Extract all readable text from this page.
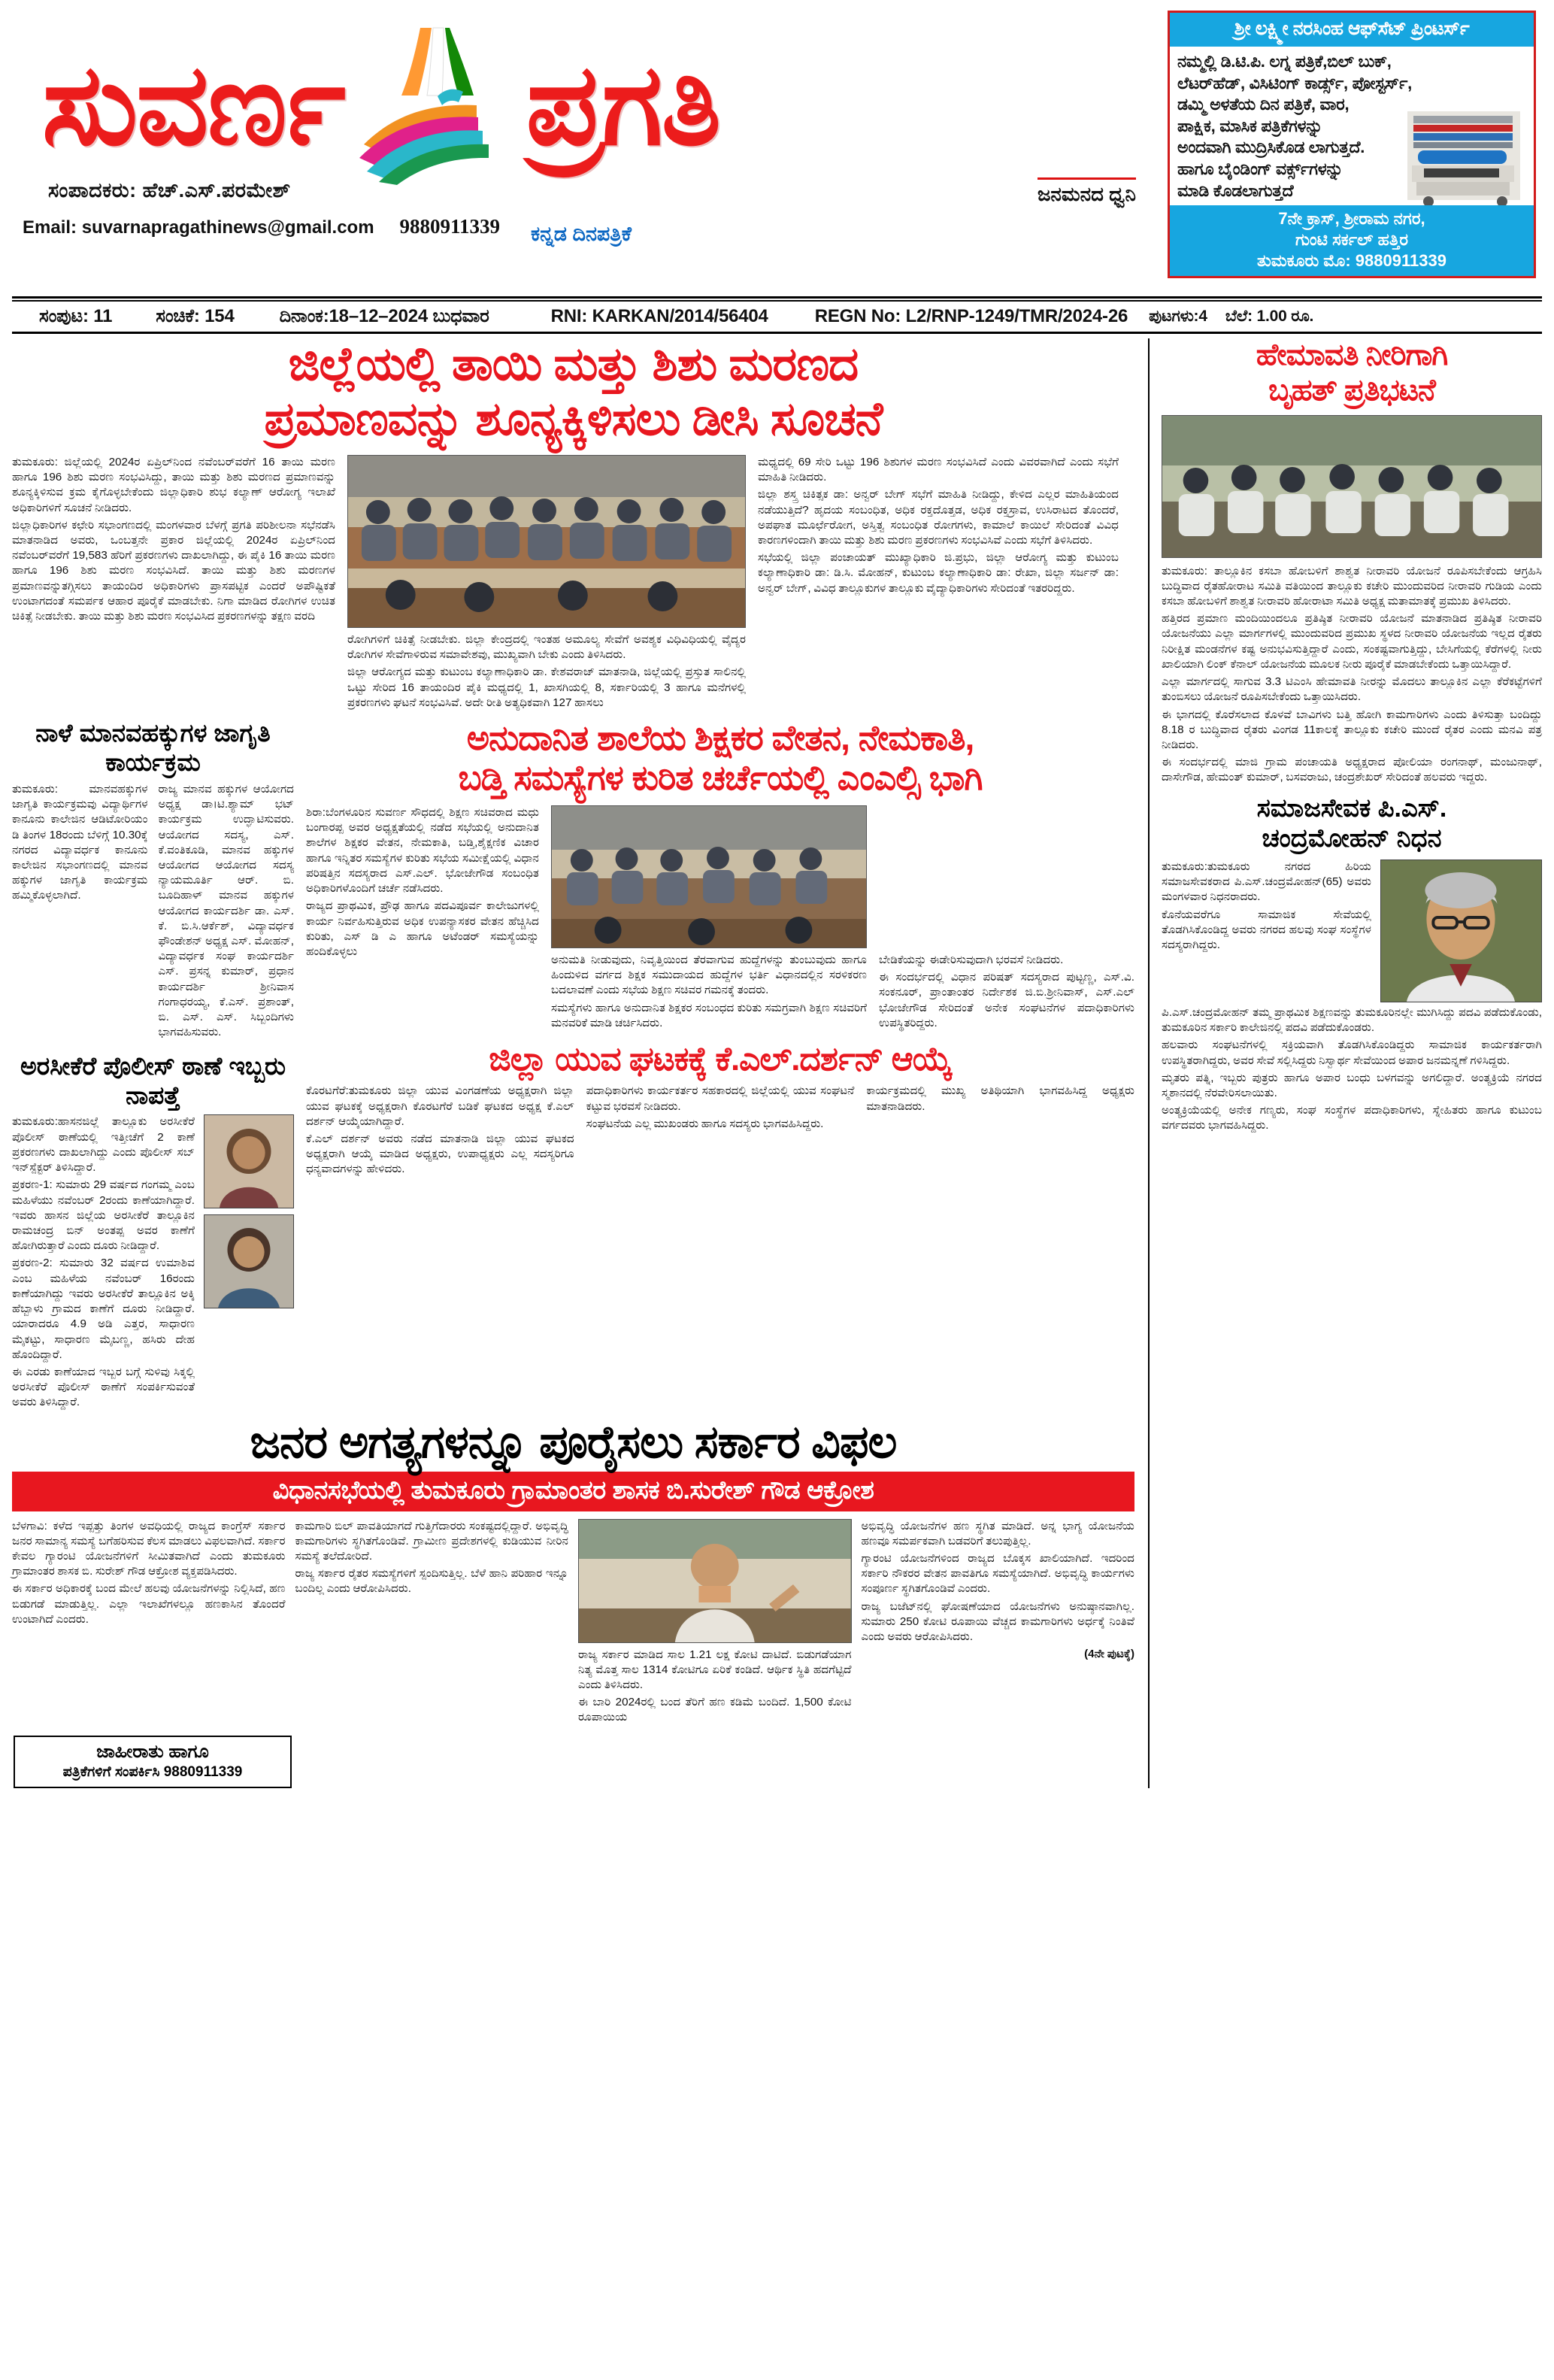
ಸುವರ್ಣ ಪ್ರಗತಿ
ಸಂಪಾದಕರು: ಹೆಚ್.ಎಸ್.ಪರಮೇಶ್
Email: suvarnapragathinews@gmail.com 9880911339 ಕನ್ನಡ ದಿನಪತ್ರಿಕೆ
ಜನಮನದ ಧ್ವನಿ
ಶ್ರೀ ಲಕ್ಷ್ಮೀ ನರಸಿಂಹ ಆಫ್‌ಸೆಟ್ ಪ್ರಿಂಟರ್ಸ್
ನಮ್ಮಲ್ಲಿ ಡಿ.ಟಿ.ಪಿ. ಲಗ್ನ ಪತ್ರಿಕೆ,ಬಿಲ್ ಬುಕ್,
ಲೆಟರ್‌ಹೆಡ್, ವಿಸಿಟಿಂಗ್ ಕಾರ್ಡ್ಸ್, ಪೋಸ್ಟರ್ಸ್,
ಡಮ್ಮಿ ಅಳತೆಯ ದಿನ ಪತ್ರಿಕೆ, ವಾರ,
ಪಾಕ್ಷಿಕ, ಮಾಸಿಕ ಪತ್ರಿಕೆಗಳನ್ನು
ಅಂದವಾಗಿ ಮುದ್ರಿಸಿಕೊಡ ಲಾಗುತ್ತದೆ.
ಹಾಗೂ ಬೈಂಡಿಂಗ್ ವರ್ಕ್ಸ್‌ಗಳನ್ನು
ಮಾಡಿ ಕೊಡಲಾಗುತ್ತದೆ
7ನೇ ಕ್ರಾಸ್, ಶ್ರೀರಾಮ ನಗರ,
ಗುಂಟಿ ಸರ್ಕಲ್ ಹತ್ತಿರ
ತುಮಕೂರು ಮೊ: 9880911339
ಸಂಪುಟ: 11 ಸಂಚಿಕೆ: 154	ದಿನಾಂಕ:18–12–2024 ಬುಧವಾರ	RNI: KARKAN/2014/56404	REGN No: L2/RNP-1249/TMR/2024-26 ಪುಟಗಳು:4 ಬೆಲೆ: 1.00 ರೂ.
ಜಿಲ್ಲೆಯಲ್ಲಿ ತಾಯಿ ಮತ್ತು ಶಿಶು ಮರಣದ
ಪ್ರಮಾಣವನ್ನು ಶೂನ್ಯಕ್ಕಿಳಿಸಲು ಡೀಸಿ ಸೂಚನೆ

ತುಮಕೂರು: ಜಿಲ್ಲೆಯಲ್ಲಿ 2024ರ ಏಪ್ರಿಲ್‌ನಿಂದ ನವೆಂಬರ್‌ವರೆಗೆ 16 ತಾಯಿ ಮರಣ ಹಾಗೂ 196 ಶಿಶು ಮರಣ ಸಂಭವಿಸಿದ್ದು, ತಾಯಿ ಮತ್ತು ಶಿಶು ಮರಣದ ಪ್ರಮಾಣವನ್ನು ಶೂನ್ಯಕ್ಕಿಳಿಸುವ ಕ್ರಮ ಕೈಗೊಳ್ಳಬೇಕೆಂದು ಜಿಲ್ಲಾಧಿಕಾರಿ ಶುಭ ಕಲ್ಯಾಣ್ ಆರೋಗ್ಯ ಇಲಾಖೆ ಅಧಿಕಾರಿಗಳಿಗೆ ಸೂಚನೆ ನೀಡಿದರು.

ಜಿಲ್ಲಾಧಿಕಾರಿಗಳ ಕಛೇರಿ ಸಭಾಂಗಣದಲ್ಲಿ ಮಂಗಳವಾರ ಬೆಳಗ್ಗೆ ಪ್ರಗತಿ ಪರಿಶೀಲನಾ ಸಭೆನಡೆಸಿ ಮಾತನಾಡಿದ ಅವರು, ಒಂಬತ್ತನೇ ಪ್ರಕಾರ ಜಿಲ್ಲೆಯಲ್ಲಿ 2024ರ ಏಪ್ರಿಲ್‌ನಿಂದ ನವೆಂಬರ್‌ವರೆಗೆ 19,583 ಹೆರಿಗೆ ಪ್ರಕರಣಗಳು ದಾಖಲಾಗಿದ್ದು, ಈ ಪೈಕಿ 16 ತಾಯಿ ಮರಣ ಹಾಗೂ 196 ಶಿಶು ಮರಣ ಸಂಭವಿಸಿದೆ. ತಾಯಿ ಮತ್ತು ಶಿಶು ಮರಣಗಳ ಪ್ರಮಾಣವನ್ನುತಗ್ಗಿಸಲು ತಾಯಂದಿರ ಅಧಿಕಾರಿಗಳು ಪ್ರಾಸಪಟ್ಟಿಕ ಎಂದರೆ ಅಪೌಷ್ಟಿಕತೆ ಉಂಟಾಗದಂತೆ ಸಮರ್ಪಕ ಆಹಾರ ಪೂರೈಕೆ ಮಾಡಬೇಕು. ನಿಗಾ ಮಾಡಿದ ರೋಗಿಗಳ ಉಚಿತ ಚಿಕಿತ್ಸೆ ನೀಡಬೇಕು. ತಾಯಿ ಮತ್ತು ಶಿಶು ಮರಣ ಸಂಭವಿಸಿದ ಪ್ರಕರಣಗಳನ್ನು ತಕ್ಷಣ ವರದಿ

ರೋಗಿಗಳಿಗೆ ಚಿಕಿತ್ಸೆ ನೀಡಬೇಕು. ಜಿಲ್ಲಾ ಕೇಂದ್ರದಲ್ಲಿ ಇಂತಹ ಅಮೂಲ್ಯ ಸೇವೆಗೆ ಅವಶ್ಯಕ ವಿಧಿವಿಧಿಯಲ್ಲಿ ವೈದ್ಯರ ರೋಗಿಗಳ ಸೇವೆಗಾಳಿರುವ ಸಮಾವೇಶವು, ಮುಖ್ಯವಾಗಿ ಬೇಕು ಎಂದು ತಿಳಿಸಿದರು.

ಜಿಲ್ಲಾ ಆರೋಗ್ಯದ ಮತ್ತು ಕುಟುಂಬ ಕಲ್ಯಾಣಾಧಿಕಾರಿ ಡಾ. ಕೇಶವರಾಜ್ ಮಾತನಾಡಿ, ಜಿಲ್ಲೆಯಲ್ಲಿ ಪ್ರಸ್ತುತ ಸಾಲಿನಲ್ಲಿ ಒಟ್ಟು ಸೇರಿದ 16 ತಾಯಂದಿರ ಪೈಕಿ ಮಧ್ಯದಲ್ಲಿ 1, ಖಾಸಗಿಯಲ್ಲಿ 8, ಸರ್ಕಾರಿಯಲ್ಲಿ 3 ಹಾಗೂ ಮನೆಗಳಲ್ಲಿ ಪ್ರಕರಣಗಳು ಘಟನೆ ಸಂಭವಿಸಿವೆ. ಅದೇ ರೀತಿ ಅತ್ಯಧಿಕವಾಗಿ 127 ಹಾಸಲು

ಮಧ್ಯದಲ್ಲಿ 69 ಸೇರಿ ಒಟ್ಟು 196 ಶಿಶುಗಳ ಮರಣ ಸಂಭವಿಸಿದೆ ಎಂದು ವಿವರವಾಗಿದೆ ಎಂದು ಸಭೆಗೆ ಮಾಹಿತಿ ನೀಡಿದರು.

ಜಿಲ್ಲಾ ಶಸ್ತ್ರ ಚಿಕಿತ್ಸಕ ಡಾ: ಅನ್ವರ್ ಬೇಗ್ ಸಭೆಗೆ ಮಾಹಿತಿ ನೀಡಿದ್ದು, ಕೇಳಿದ ಎಲ್ಲರ ಮಾಹಿತಿಯಂದ ನಡೆಯುತ್ತಿದೆ? ಹೃದಯ ಸಂಬಂಧಿತ, ಅಧಿಕ ರಕ್ತದೊತ್ತಡ, ಅಧಿಕ ರಕ್ತಸ್ರಾವ, ಉಸಿರಾಟದ ತೊಂದರೆ, ಅಪಘಾತ ಮೂರ್ಛೆರೋಗ, ಅಸ್ತಿತ್ವ ಸಂಬಂಧಿತ ರೋಗಗಳು, ಕಾಮಾಲೆ ಕಾಯಿಲೆ ಸೇರಿದಂತೆ ವಿವಿಧ ಕಾರಣಗಳಿಂದಾಗಿ ತಾಯಿ ಮತ್ತು ಶಿಶು ಮರಣ ಪ್ರಕರಣಗಳು ಸಂಭವಿಸಿವೆ ಎಂದು ಸಭೆಗೆ ತಿಳಿಸಿದರು.

ಸಭೆಯಲ್ಲಿ ಜಿಲ್ಲಾ ಪಂಚಾಯತ್ ಮುಖ್ಯಾಧಿಕಾರಿ ಜಿ.ಪ್ರಭು, ಜಿಲ್ಲಾ ಆರೋಗ್ಯ ಮತ್ತು ಕುಟುಂಬ ಕಲ್ಯಾಣಾಧಿಕಾರಿ ಡಾ: ಡಿ.ಸಿ. ಮೋಹನ್, ಕುಟುಂಬ ಕಲ್ಯಾಣಾಧಿಕಾರಿ ಡಾ: ರೇಖಾ, ಜಿಲ್ಲಾ ಸರ್ಜನ್ ಡಾ: ಅನ್ವರ್ ಬೇಗ್, ವಿವಿಧ ತಾಲ್ಲೂಕುಗಳ ತಾಲ್ಲೂಕು ವೈದ್ಯಾಧಿಕಾರಿಗಳು ಸೇರಿದಂತೆ ಇತರರಿದ್ದರು.

ನಾಳೆ ಮಾನವಹಕ್ಕುಗಳ ಜಾಗೃತಿ ಕಾರ್ಯಕ್ರಮ

ತುಮಕೂರು: ಮಾನವಹಕ್ಕುಗಳ ಜಾಗೃತಿ ಕಾರ್ಯಕ್ರಮವು ವಿದ್ಯಾರ್ಥಿಗಳ ಕಾನೂನು ಕಾಲೇಜಿನ ಆಡಿಟೋರಿಯಂ ಡಿ ತಿಂಗಳ 18ರಂದು ಬೆಳಿಗ್ಗೆ 10.30ಕ್ಕೆ ನಗರದ ವಿದ್ಯಾವರ್ಧಕ ಕಾನೂನು ಕಾಲೇಜಿನ ಸಭಾಂಗಣದಲ್ಲಿ ಮಾನವ ಹಕ್ಕುಗಳ ಜಾಗೃತಿ ಕಾರ್ಯಕ್ರಮ ಹಮ್ಮಿಕೊಳ್ಳಲಾಗಿದೆ.

ರಾಜ್ಯ ಮಾನವ ಹಕ್ಕುಗಳ ಆಯೋಗದ ಅಧ್ಯಕ್ಷ ಡಾ।ಟಿ.ಶ್ಯಾಮ್ ಭಟ್ ಕಾರ್ಯಕ್ರಮ ಉದ್ಘಾಟಿಸುವರು. ಆಯೋಗದ ಸದಸ್ಯ, ಎಸ್. ಕೆ.ವಂತಿಕೂಡಿ, ಮಾನವ ಹಕ್ಕುಗಳ ಆಯೋಗದ ಆಯೋಗದ ಸದಸ್ಯ ನ್ಯಾಯಮೂರ್ತಿ ಆರ್. ಬಿ. ಬೂದಿಹಾಳ್ ಮಾನವ ಹಕ್ಕುಗಳ ಆಯೋಗದ ಕಾರ್ಯದರ್ಶಿ ಡಾ. ಎಸ್. ಕೆ. ಬಿ.ಸಿ.ಆರ್ಕೆಶ್, ವಿದ್ಯಾವರ್ಧಕ ಫೌಂಡೇಶನ್ ಅಧ್ಯಕ್ಷ ಎಸ್. ಮೋಹನ್, ವಿದ್ಯಾವರ್ಧಕ ಸಂಘ ಕಾರ್ಯದರ್ಶಿ ಎಸ್. ಪ್ರಸನ್ನ ಕುಮಾರ್, ಪ್ರಧಾನ ಕಾರ್ಯದರ್ಶಿ ಶ್ರೀನಿವಾಸ ಗಂಗಾಧರಯ್ಯ, ಕೆ.ಎಸ್. ಪ್ರಶಾಂತ್, ಬಿ. ಎಸ್. ಎಸ್. ಸಿಬ್ಬಂದಿಗಳು ಭಾಗವಹಿಸುವರು.

ಅರಸೀಕೆರೆ ಪೊಲೀಸ್ ಠಾಣೆ ಇಬ್ಬರು ನಾಪತ್ತೆ

ತುಮಕೂರು:ಹಾಸನಜಿಲ್ಲೆ ತಾಲ್ಲೂಕು ಅರಸೀಕೆರೆ ಪೊಲೀಸ್ ಠಾಣೆಯಲ್ಲಿ ಇತ್ತೀಚೆಗೆ 2 ಕಾಣೆ ಪ್ರಕರಣಗಳು ದಾಖಲಾಗಿದ್ದು ಎಂದು ಪೊಲೀಸ್ ಸಬ್ ಇನ್‌ಸ್ಪೆಕ್ಟರ್ ತಿಳಿಸಿದ್ದಾರೆ.

ಪ್ರಕರಣ-1: ಸುಮಾರು 29 ವರ್ಷದ ಗಂಗಮ್ಮ ಎಂಬ ಮಹಿಳೆಯು ನವೆಂಬರ್ 2ರಂದು ಕಾಣೆಯಾಗಿದ್ದಾರೆ. ಇವರು ಹಾಸನ ಜಿಲ್ಲೆಯ ಅರಸೀಕೆರೆ ತಾಲ್ಲೂಕಿನ ರಾಮಚಂದ್ರ ಬಿನ್ ಅಂತಪ್ಪ ಅವರ ಕಾಣೆಗೆ ಹೋಗಿರುತ್ತಾರೆ ಎಂದು ದೂರು ನೀಡಿದ್ದಾರೆ.

ಪ್ರಕರಣ-2: ಸುಮಾರು 32 ವರ್ಷದ ಉಮಾಶಿವ ಎಂಬ ಮಹಿಳೆಯ ನವೆಂಬರ್ 16ರಂದು ಕಾಣೆಯಾಗಿದ್ದು ಇವರು ಅರಸೀಕೆರೆ ತಾಲ್ಲೂಕಿನ ಅಕ್ಕಿ ಹೆಬ್ಬಾಳು ಗ್ರಾಮದ ಕಾಣೆಗೆ ದೂರು ನೀಡಿದ್ದಾರೆ. ಯಾರಾದರೂ 4.9 ಅಡಿ ಎತ್ತರ, ಸಾಧಾರಣ ಮೈಕಟ್ಟು, ಸಾಧಾರಣ ಮೈಬಣ್ಣ, ಹಸಿರು ದೇಹ ಹೊಂದಿದ್ದಾರೆ.

ಈ ಎರಡು ಕಾಣೆಯಾದ ಇಬ್ಬರ ಬಗ್ಗೆ ಸುಳಿವು ಸಿಕ್ಕಲ್ಲಿ ಅರಸೀಕೆರೆ ಪೊಲೀಸ್ ಠಾಣೆಗೆ ಸಂಪರ್ಕಿಸುವಂತೆ ಅವರು ತಿಳಿಸಿದ್ದಾರೆ.

ಅನುದಾನಿತ ಶಾಲೆಯ ಶಿಕ್ಷಕರ ವೇತನ, ನೇಮಕಾತಿ,
ಬಡ್ತಿ ಸಮಸ್ಯೆಗಳ ಕುರಿತ ಚರ್ಚೆಯಲ್ಲಿ ಎಂಎಲ್ಸಿ ಭಾಗಿ

ಶಿರಾ:ಬೆಂಗಳೂರಿನ ಸುವರ್ಣ ಸೌಧದಲ್ಲಿ ಶಿಕ್ಷಣ ಸಚಿವರಾದ ಮಧು ಬಂಗಾರಪ್ಪ ಅವರ ಅಧ್ಯಕ್ಷತೆಯಲ್ಲಿ ನಡೆದ ಸಭೆಯಲ್ಲಿ ಅನುದಾನಿತ ಶಾಲೆಗಳ ಶಿಕ್ಷಕರ ವೇತನ, ನೇಮಕಾತಿ, ಬಡ್ತಿ,ಶೈಕ್ಷಣಿಕ ವಿಚಾರ ಹಾಗೂ ಇನ್ನಿತರ ಸಮಸ್ಯೆಗಳ ಕುರಿತು ಸಭೆಯ ಸಮೀಕ್ಷೆಯಲ್ಲಿ ವಿಧಾನ ಪರಿಷತ್ತಿನ ಸದಸ್ಯರಾದ ಎಸ್.ಎಲ್. ಭೋಜೇಗೌಡ ಸಂಬಂಧಿತ ಅಧಿಕಾರಿಗಳೊಂದಿಗೆ ಚರ್ಚೆ ನಡೆಸಿದರು.

ರಾಜ್ಯದ ಪ್ರಾಥಮಿಕ, ಪ್ರೌಢ ಹಾಗೂ ಪದವಿಪೂರ್ವ ಕಾಲೇಜುಗಳಲ್ಲಿ ಕಾರ್ಯ ನಿರ್ವಹಿಸುತ್ತಿರುವ ಅಧಿಕ ಉಪನ್ಯಾಸಕರ ವೇತನ ಹೆಚ್ಚಿಸಿದ ಕುರಿತು, ಎಸ್ ಡಿ ಎ ಹಾಗೂ ಅಟೆಂಡರ್ ಸಮಸ್ಯೆಯನ್ನು ಹಂದಿಕೊಳ್ಳಲು

ಅನುಮತಿ ನೀಡುವುದು, ನಿವೃತ್ತಿಯಿಂದ ತೆರವಾಗುವ ಹುದ್ದೆಗಳನ್ನು ತುಂಬುವುದು ಹಾಗೂ ಹಿಂದುಳಿದ ವರ್ಗದ ಶಿಕ್ಷಕ ಸಮುದಾಯದ ಹುದ್ದೆಗಳ ಭರ್ತಿ ವಿಧಾನದಲ್ಲಿನ ಸರಳಿಕರಣ ಬದಲಾವಣೆ ಎಂದು ಸಭೆಯ ಶಿಕ್ಷಣ ಸಚಿವರ ಗಮನಕ್ಕೆ ತಂದರು.

ಸಮಸ್ಯೆಗಳು ಹಾಗೂ ಅನುದಾನಿತ ಶಿಕ್ಷಕರ ಸಂಬಂಧದ ಕುರಿತು ಸಮಗ್ರವಾಗಿ ಶಿಕ್ಷಣ ಸಚಿವರಿಗೆ ಮನವರಿಕೆ ಮಾಡಿ ಚರ್ಚಿಸಿದರು.

ಬೇಡಿಕೆಯನ್ನು ಈಡೇರಿಸುವುದಾಗಿ ಭರವಸೆ ನೀಡಿದರು.

ಈ ಸಂದರ್ಭದಲ್ಲಿ ವಿಧಾನ ಪರಿಷತ್ ಸದಸ್ಯರಾದ ಪುಟ್ಟಣ್ಣ, ಎಸ್.ವಿ. ಸಂಕನೂರ್, ಪ್ರಾಂತಾಂತರ ನಿರ್ದೇಶಕ ಜಿ.ಬಿ.ಶ್ರೀನಿವಾಸ್, ಎಸ್.ಎಲ್ ಭೋಜೇಗೌಡ ಸೇರಿದಂತೆ ಅನೇಕ ಸಂಘಟನೆಗಳ ಪದಾಧಿಕಾರಿಗಳು ಉಪಸ್ಥಿತರಿದ್ದರು.

ಜಿಲ್ಲಾ ಯುವ ಘಟಕಕ್ಕೆ ಕೆ.ಎಲ್.ದರ್ಶನ್ ಆಯ್ಕೆ

ಕೊರಟಗೆರೆ:ತುಮಕೂರು ಜಿಲ್ಲಾ ಯುವ ವಿಂಗಡಣೆಯ ಅಧ್ಯಕ್ಷರಾಗಿ ಜಿಲ್ಲಾ ಯುವ ಘಟಕಕ್ಕೆ ಅಧ್ಯಕ್ಷರಾಗಿ ಕೊರಟಗೆರೆ ಬಡಿಕೆ ಘಟಕದ ಅಧ್ಯಕ್ಷ ಕೆ.ಎಲ್ ದರ್ಶನ್ ಆಯ್ಕೆಯಾಗಿದ್ದಾರೆ.

ಕೆ.ಎಲ್ ದರ್ಶನ್ ಅವರು ನಡೆದ ಮಾತನಾಡಿ ಜಿಲ್ಲಾ ಯುವ ಘಟಕದ ಅಧ್ಯಕ್ಷರಾಗಿ ಆಯ್ಕೆ ಮಾಡಿದ ಅಧ್ಯಕ್ಷರು, ಉಪಾಧ್ಯಕ್ಷರು ಎಲ್ಲ ಸದಸ್ಯರಿಗೂ ಧನ್ಯವಾದಗಳನ್ನು ಹೇಳಿದರು.

ಪದಾಧಿಕಾರಿಗಳು ಕಾರ್ಯಕರ್ತರ ಸಹಕಾರದಲ್ಲಿ ಜಿಲ್ಲೆಯಲ್ಲಿ ಯುವ ಸಂಘಟನೆ ಕಟ್ಟುವ ಭರವಸೆ ನೀಡಿದರು.

ಸಂಘಟನೆಯ ಎಲ್ಲ ಮುಖಂಡರು ಹಾಗೂ ಸದಸ್ಯರು ಭಾಗವಹಿಸಿದ್ದರು.

ಕಾರ್ಯಕ್ರಮದಲ್ಲಿ ಮುಖ್ಯ ಅತಿಥಿಯಾಗಿ ಭಾಗವಹಿಸಿದ್ದ ಅಧ್ಯಕ್ಷರು ಮಾತನಾಡಿದರು.

ಜನರ ಅಗತ್ಯಗಳನ್ನೂ ಪೂರೈಸಲು ಸರ್ಕಾರ ವಿಫಲ
ವಿಧಾನಸಭೆಯಲ್ಲಿ ತುಮಕೂರು ಗ್ರಾಮಾಂತರ ಶಾಸಕ ಬಿ.ಸುರೇಶ್ ಗೌಡ ಆಕ್ರೋಶ

ಬೆಳಗಾವಿ: ಕಳೆದ ಇಪ್ಪತ್ತು ತಿಂಗಳ ಅವಧಿಯಲ್ಲಿ ರಾಜ್ಯದ ಕಾಂಗ್ರೆಸ್ ಸರ್ಕಾರ ಜನರ ಸಾಮಾನ್ಯ ಸಮಸ್ಯೆ ಬಗೆಹರಿಸುವ ಕೆಲಸ ಮಾಡಲು ವಿಫಲವಾಗಿದೆ. ಸರ್ಕಾರ ಕೇವಲ ಗ್ಯಾರಂಟಿ ಯೋಜನೆಗಳಿಗೆ ಸೀಮಿತವಾಗಿದೆ ಎಂದು ತುಮಕೂರು ಗ್ರಾಮಾಂತರ ಶಾಸಕ ಬಿ. ಸುರೇಶ್ ಗೌಡ ಆಕ್ರೋಶ ವ್ಯಕ್ತಪಡಿಸಿದರು.

ಈ ಸರ್ಕಾರ ಅಧಿಕಾರಕ್ಕೆ ಬಂದ ಮೇಲೆ ಹಲವು ಯೋಜನೆಗಳನ್ನು ನಿಲ್ಲಿಸಿದೆ, ಹಣ ಬಿಡುಗಡೆ ಮಾಡುತ್ತಿಲ್ಲ. ಎಲ್ಲಾ ಇಲಾಖೆಗಳಲ್ಲೂ ಹಣಕಾಸಿನ ತೊಂದರೆ ಉಂಟಾಗಿದೆ ಎಂದರು.

ಕಾಮಗಾರಿ ಬಿಲ್ ಪಾವತಿಯಾಗದೆ ಗುತ್ತಿಗೆದಾರರು ಸಂಕಷ್ಟದಲ್ಲಿದ್ದಾರೆ. ಅಭಿವೃದ್ಧಿ ಕಾಮಗಾರಿಗಳು ಸ್ಥಗಿತಗೊಂಡಿವೆ. ಗ್ರಾಮೀಣ ಪ್ರದೇಶಗಳಲ್ಲಿ ಕುಡಿಯುವ ನೀರಿನ ಸಮಸ್ಯೆ ತಲೆದೋರಿದೆ.

ರಾಜ್ಯ ಸರ್ಕಾರ ರೈತರ ಸಮಸ್ಯೆಗಳಿಗೆ ಸ್ಪಂದಿಸುತ್ತಿಲ್ಲ. ಬೆಳೆ ಹಾನಿ ಪರಿಹಾರ ಇನ್ನೂ ಬಂದಿಲ್ಲ ಎಂದು ಆರೋಪಿಸಿದರು.

ರಾಜ್ಯ ಸರ್ಕಾರ ಮಾಡಿದ ಸಾಲ 1.21 ಲಕ್ಷ ಕೋಟಿ ದಾಟಿದೆ. ಬಿಡುಗಡೆಯಾಗ ನಿತ್ಯ ಮೊತ್ತ ಸಾಲ 1314 ಕೋಟಿಗೂ ಏರಿಕೆ ಕಂಡಿದೆ. ಆರ್ಥಿಕ ಸ್ಥಿತಿ ಹದಗೆಟ್ಟಿದೆ ಎಂದು ತಿಳಿಸಿದರು.

ಈ ಬಾರಿ 2024ರಲ್ಲಿ ಬಂದ ತೆರಿಗೆ ಹಣ ಕಡಿಮೆ ಬಂದಿದೆ. 1,500 ಕೋಟಿ ರೂಪಾಯಿಯ

ಅಭಿವೃದ್ಧಿ ಯೋಜನೆಗಳ ಹಣ ಸ್ಥಗಿತ ಮಾಡಿದೆ. ಅನ್ನ ಭಾಗ್ಯ ಯೋಜನೆಯ ಹಣವೂ ಸಮರ್ಪಕವಾಗಿ ಬಡವರಿಗೆ ತಲುಪುತ್ತಿಲ್ಲ.

ಗ್ಯಾರಂಟಿ ಯೋಜನೆಗಳಿಂದ ರಾಜ್ಯದ ಬೊಕ್ಕಸ ಖಾಲಿಯಾಗಿದೆ. ಇದರಿಂದ ಸರ್ಕಾರಿ ನೌಕರರ ವೇತನ ಪಾವತಿಗೂ ಸಮಸ್ಯೆಯಾಗಿದೆ. ಅಭಿವೃದ್ಧಿ ಕಾರ್ಯಗಳು ಸಂಪೂರ್ಣ ಸ್ಥಗಿತಗೊಂಡಿವೆ ಎಂದರು.

ರಾಜ್ಯ ಬಜೆಟ್‌ನಲ್ಲಿ ಘೋಷಣೆಯಾದ ಯೋಜನೆಗಳು ಅನುಷ್ಠಾನವಾಗಿಲ್ಲ. ಸುಮಾರು 250 ಕೋಟಿ ರೂಪಾಯಿ ವೆಚ್ಚದ ಕಾಮಗಾರಿಗಳು ಅರ್ಧಕ್ಕೆ ನಿಂತಿವೆ ಎಂದು ಅವರು ಆರೋಪಿಸಿದರು.

(4ನೇ ಪುಟಕ್ಕೆ)

ಜಾಹೀರಾತು ಹಾಗೂ
ಪತ್ರಿಕೆಗಳಿಗೆ ಸಂಪರ್ಕಿಸಿ 9880911339
ಹೇಮಾವತಿ ನೀರಿಗಾಗಿ
ಬೃಹತ್ ಪ್ರತಿಭಟನೆ

ತುಮಕೂರು: ತಾಲ್ಲೂಕಿನ ಕಸಬಾ ಹೋಬಳಿಗೆ ಶಾಶ್ವತ ನೀರಾವರಿ ಯೋಜನೆ ರೂಪಿಸಬೇಕೆಂದು ಆಗ್ರಹಿಸಿ ಬುದ್ಧಿವಾದ ರೈತಹೋರಾಟ ಸಮಿತಿ ವತಿಯಿಂದ ತಾಲ್ಲೂಕು ಕಚೇರಿ ಮುಂದುವರಿದ ನೀರಾವರಿ ಗುಡಿಯ ಎಂದು ಕಸಬಾ ಹೋಬಳಿಗೆ ಶಾಶ್ವತ ನೀರಾವರಿ ಹೋರಾಟಾ ಸಮಿತಿ ಅಧ್ಯಕ್ಷ ಮತಾಮಾತಕ್ಕೆ ಪ್ರಮುಖ ತಿಳಿಸಿದರು.

ಹತ್ತಿರದ ಪ್ರಮಾಣ ಮಂದಿಯಿಂದಲೂ ಪ್ರತಿಷ್ಠಿತ ನೀರಾವರಿ ಯೋಜನೆ ಮಾತನಾಡಿದ ಪ್ರತಿಷ್ಠಿತ ನೀರಾವರಿ ಯೋಜನೆಯು ಎಲ್ಲಾ ಮಾರ್ಗಗಳಲ್ಲಿ ಮುಂದುವರಿದ ಪ್ರಮುಖ ಸ್ಥಳದ ನೀರಾವರಿ ಯೋಜನೆಯ ಇಲ್ಲದ ರೈತರು ನಿರೀಕ್ಷಿತ ಮಂಡನೆಗಳ ಕಷ್ಟ ಅನುಭವಿಸುತ್ತಿದ್ದಾರೆ ಎಂದು, ಸಂಕಷ್ಟವಾಗುತ್ತಿದ್ದು, ಬೇಸಿಗೆಯಲ್ಲಿ ಕೆರೆಗಳಲ್ಲಿ ನೀರು ಖಾಲಿಯಾಗಿ ಲಿಂಕ್ ಕೆನಾಲ್ ಯೋಜನೆಯ ಮೂಲಕ ನೀರು ಪೂರೈಕೆ ಮಾಡಬೇಕೆಂದು ಒತ್ತಾಯಿಸಿದ್ದಾರೆ.

ಎಲ್ಲಾ ಮಾರ್ಗದಲ್ಲಿ ಸಾಗುವ 3.3 ಟಿಎಂಸಿ ಹೇಮಾವತಿ ನೀರನ್ನು ಮೊದಲು ತಾಲ್ಲೂಕಿನ ಎಲ್ಲಾ ಕೆರೆಕಟ್ಟೆಗಳಿಗೆ ತುಂಬಿಸಲು ಯೋಜನೆ ರೂಪಿಸಬೇಕೆಂದು ಒತ್ತಾಯಿಸಿದರು.

ಈ ಭಾಗದಲ್ಲಿ ಕೊರೆಸಲಾದ ಕೊಳವೆ ಬಾವಿಗಳು ಬತ್ತಿ ಹೋಗಿ ಕಾಮಗಾರಿಗಳು ಎಂದು ತಿಳಿಸುತ್ತಾ ಬಂದಿದ್ದು 8.18 ರ ಬುದ್ಧಿವಾದ ರೈತರು ವಿಂಗಡ 11ಕಾಲಕ್ಕೆ ತಾಲ್ಲೂಕು ಕಚೇರಿ ಮುಂದೆ ರೈತರ ಎಂದು ಮನವಿ ಪತ್ರ ನೀಡಿದರು.

ಈ ಸಂದರ್ಭದಲ್ಲಿ ಮಾಜಿ ಗ್ರಾಮ ಪಂಚಾಯತಿ ಅಧ್ಯಕ್ಷರಾದ ಪೋಲಿಯಾ ರಂಗನಾಥ್, ಮಂಜುನಾಥ್, ದಾಸೇಗೌಡ, ಹೇಮಂತ್ ಕುಮಾರ್, ಬಸವರಾಜು, ಚಂದ್ರಶೇಖರ್ ಸೇರಿದಂತೆ ಹಲವರು ಇದ್ದರು.

ಸಮಾಜಸೇವಕ ಪಿ.ಎಸ್.
ಚಂದ್ರಮೋಹನ್ ನಿಧನ

ತುಮಕೂರು:ತುಮಕೂರು ನಗರದ ಹಿರಿಯ ಸಮಾಜಸೇವಕರಾದ ಪಿ.ಎಸ್.ಚಂದ್ರಮೋಹನ್(65) ಅವರು ಮಂಗಳವಾರ ನಿಧನರಾದರು.

ಕೊನೆಯವರೆಗೂ ಸಾಮಾಜಿಕ ಸೇವೆಯಲ್ಲಿ ತೊಡಗಿಸಿಕೊಂಡಿದ್ದ ಅವರು ನಗರದ ಹಲವು ಸಂಘ ಸಂಸ್ಥೆಗಳ ಸದಸ್ಯರಾಗಿದ್ದರು.

ಪಿ.ಎಸ್.ಚಂದ್ರಮೋಹನ್ ತಮ್ಮ ಪ್ರಾಥಮಿಕ ಶಿಕ್ಷಣವನ್ನು ತುಮಕೂರಿನಲ್ಲೇ ಮುಗಿಸಿದ್ದು ಪದವಿ ಪಡೆದುಕೊಂಡು, ತುಮಕೂರಿನ ಸರ್ಕಾರಿ ಕಾಲೇಜಿನಲ್ಲಿ ಪದವಿ ಪಡೆದುಕೊಂಡರು.

ಹಲವಾರು ಸಂಘಟನೆಗಳಲ್ಲಿ ಸಕ್ರಿಯವಾಗಿ ತೊಡಗಿಸಿಕೊಂಡಿದ್ದರು ಸಾಮಾಜಿಕ ಕಾರ್ಯಕರ್ತರಾಗಿ ಉಪಸ್ಥಿತರಾಗಿದ್ದರು, ಅವರ ಸೇವೆ ಸಲ್ಲಿಸಿದ್ದರು ನಿಸ್ವಾರ್ಥ ಸೇವೆಯಿಂದ ಅಪಾರ ಜನಮನ್ನಣೆ ಗಳಿಸಿದ್ದರು.

ಮೃತರು ಪತ್ನಿ, ಇಬ್ಬರು ಪುತ್ರರು ಹಾಗೂ ಅಪಾರ ಬಂಧು ಬಳಗವನ್ನು ಅಗಲಿದ್ದಾರೆ. ಅಂತ್ಯಕ್ರಿಯೆ ನಗರದ ಸ್ಮಶಾನದಲ್ಲಿ ನೆರವೇರಿಸಲಾಯಿತು.

ಅಂತ್ಯಕ್ರಿಯೆಯಲ್ಲಿ ಅನೇಕ ಗಣ್ಯರು, ಸಂಘ ಸಂಸ್ಥೆಗಳ ಪದಾಧಿಕಾರಿಗಳು, ಸ್ನೇಹಿತರು ಹಾಗೂ ಕುಟುಂಬ ವರ್ಗದವರು ಭಾಗವಹಿಸಿದ್ದರು.
